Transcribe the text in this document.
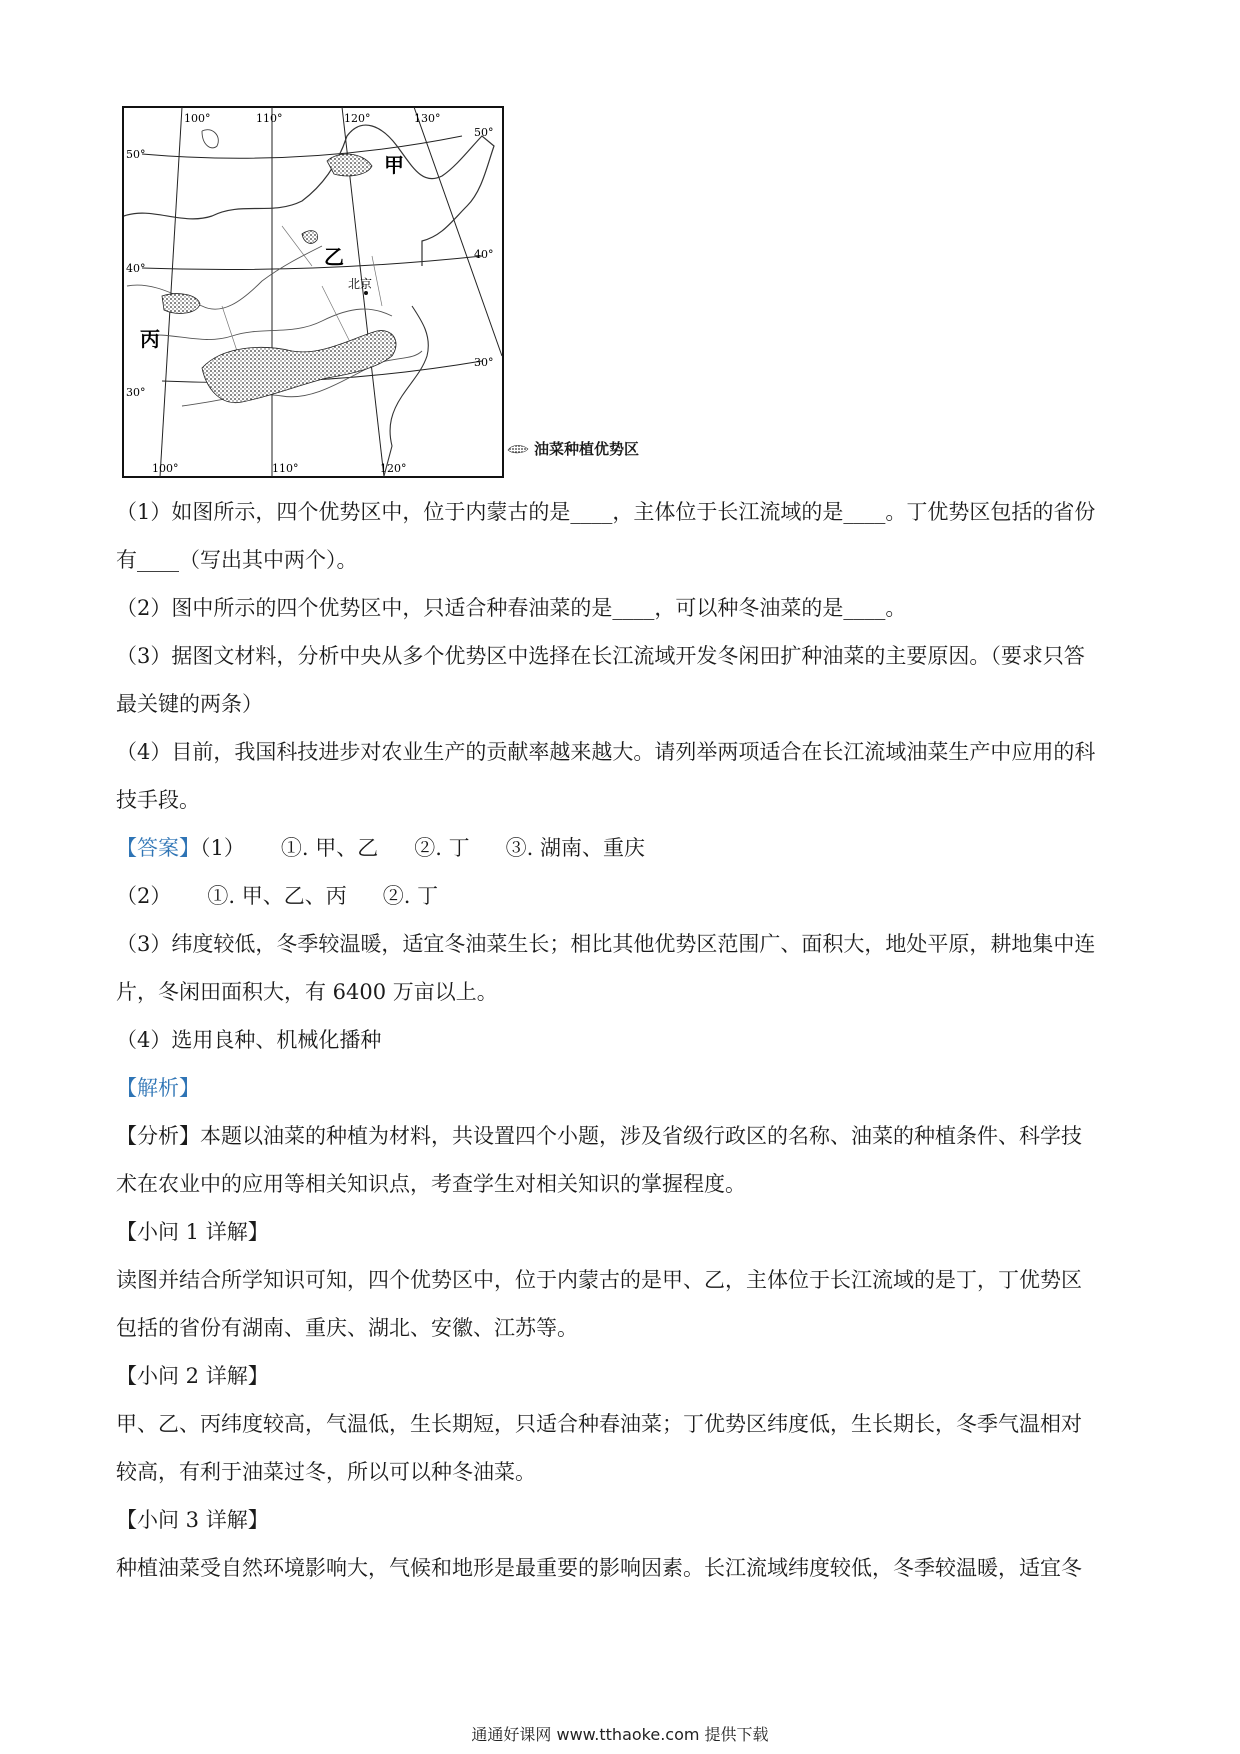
100°	110°	120°	130°
100°	110°	120°
50°
50°
40°
40°
30°
30°
甲
乙
丙
北京
油菜种植优势区

（1）如图所示，四个优势区中，位于内蒙古的是____，主体位于长江流域的是____。丁优势区包括的省份

有____（写出其中两个）。

（2）图中所示的四个优势区中，只适合种春油菜的是____，可以种冬油菜的是____。

（3）据图文材料，分析中央从多个优势区中选择在长江流域开发冬闲田扩种油菜的主要原因。（要求只答

最关键的两条）

（4）目前，我国科技进步对农业生产的贡献率越来越大。请列举两项适合在长江流域油菜生产中应用的科

技手段。

【答案】（1） ①. 甲、乙 ②. 丁 ③. 湖南、重庆

（2） ①. 甲、乙、丙 ②. 丁

（3）纬度较低，冬季较温暖，适宜冬油菜生长；相比其他优势区范围广、面积大，地处平原，耕地集中连

片，冬闲田面积大，有 6400 万亩以上。

（4）选用良种、机械化播种

【解析】

【分析】本题以油菜的种植为材料，共设置四个小题，涉及省级行政区的名称、油菜的种植条件、科学技

术在农业中的应用等相关知识点，考查学生对相关知识的掌握程度。

【小问 1 详解】

读图并结合所学知识可知，四个优势区中，位于内蒙古的是甲、乙，主体位于长江流域的是丁，丁优势区

包括的省份有湖南、重庆、湖北、安徽、江苏等。

【小问 2 详解】

甲、乙、丙纬度较高，气温低，生长期短，只适合种春油菜；丁优势区纬度低，生长期长，冬季气温相对

较高，有利于油菜过冬，所以可以种冬油菜。

【小问 3 详解】

种植油菜受自然环境影响大，气候和地形是最重要的影响因素。长江流域纬度较低，冬季较温暖，适宜冬

通通好课网 www.tthaoke.com 提供下载
